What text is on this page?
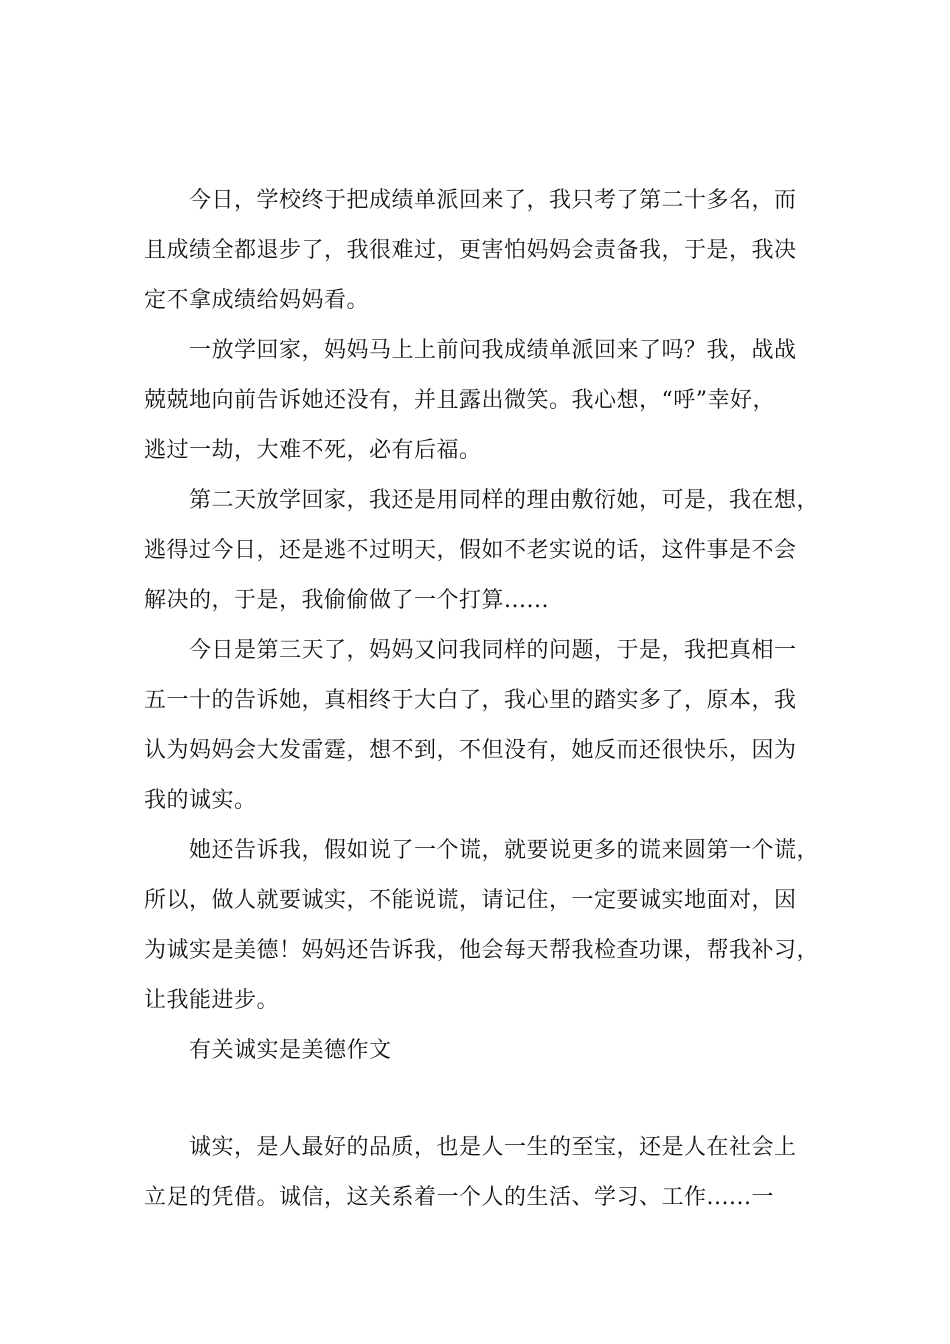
今日，学校终于把成绩单派回来了，我只考了第二十多名，而
且成绩全都退步了，我很难过，更害怕妈妈会责备我，于是，我决
定不拿成绩给妈妈看。

一放学回家，妈妈马上上前问我成绩单派回来了吗？我，战战
兢兢地向前告诉她还没有，并且露出微笑。我心想，“呼”幸好，
逃过一劫，大难不死，必有后福。

第二天放学回家，我还是用同样的理由敷衍她，可是，我在想，
逃得过今日，还是逃不过明天，假如不老实说的话，这件事是不会
解决的，于是，我偷偷做了一个打算......

今日是第三天了，妈妈又问我同样的问题，于是，我把真相一
五一十的告诉她，真相终于大白了，我心里的踏实多了，原本，我
认为妈妈会大发雷霆，想不到，不但没有，她反而还很快乐，因为
我的诚实。

她还告诉我，假如说了一个谎，就要说更多的谎来圆第一个谎，
所以，做人就要诚实，不能说谎，请记住，一定要诚实地面对，因
为诚实是美德！妈妈还告诉我，他会每天帮我检查功课，帮我补习，
让我能进步。

有关诚实是美德作文

诚实，是人最好的品质，也是人一生的至宝，还是人在社会上
立足的凭借。诚信，这关系着一个人的生活、学习、工作......一
